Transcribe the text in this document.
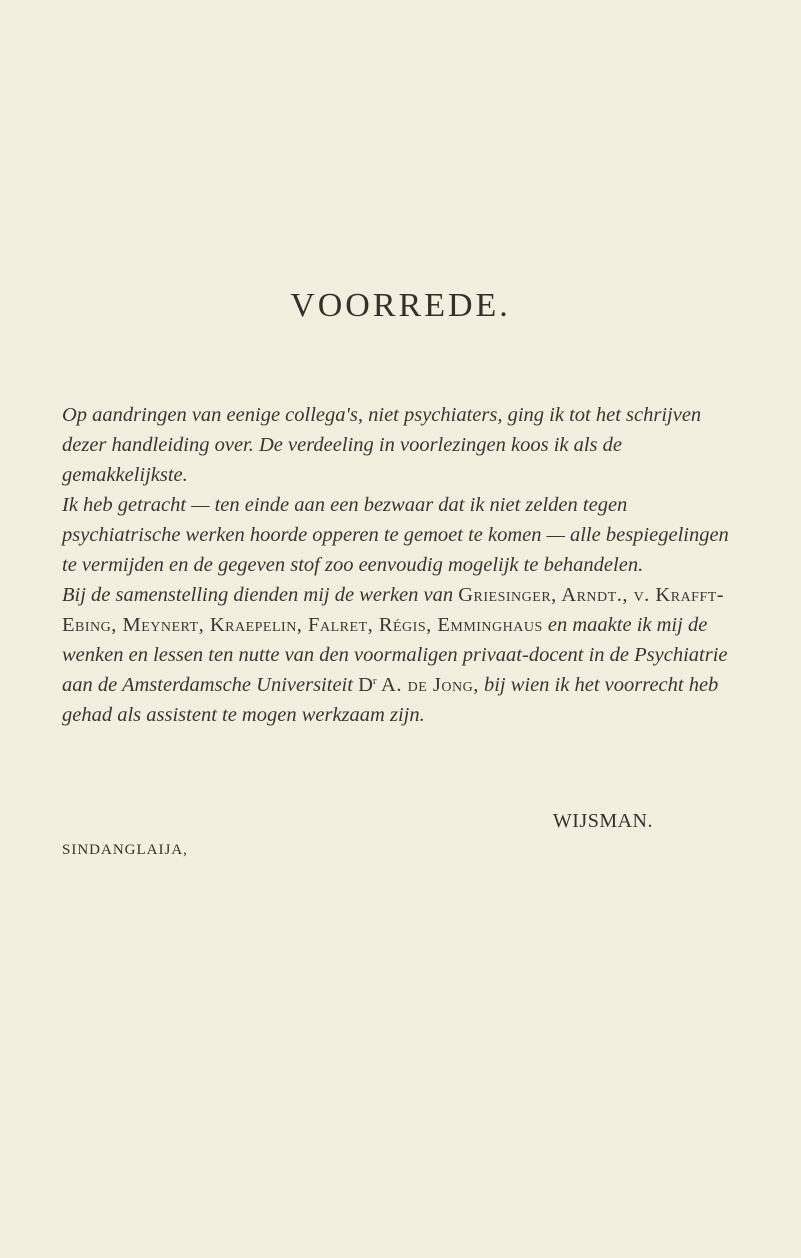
VOORREDE.

Op aandringen van eenige collega's, niet psychiaters, ging ik tot het schrijven dezer handleiding over. De verdeeling in voorlezingen koos ik als de gemakkelijkste.

Ik heb getracht — ten einde aan een bezwaar dat ik niet zelden tegen psychiatrische werken hoorde opperen te gemoet te komen — alle bespiegelingen te vermijden en de gegeven stof zoo eenvoudig mogelijk te behandelen.

Bij de samenstelling dienden mij de werken van Griesinger, Arndt., v. Krafft-Ebing, Meynert, Kraepelin, Falret, Régis, Emminghaus en maakte ik mij de wenken en lessen ten nutte van den voormaligen privaat-docent in de Psychiatrie aan de Amsterdamsche Universiteit $D^r$ A. de Jong, bij wien ik het voorrecht heb gehad als assistent te mogen werkzaam zijn.

WIJSMAN.
SINDANGLAIJA,
